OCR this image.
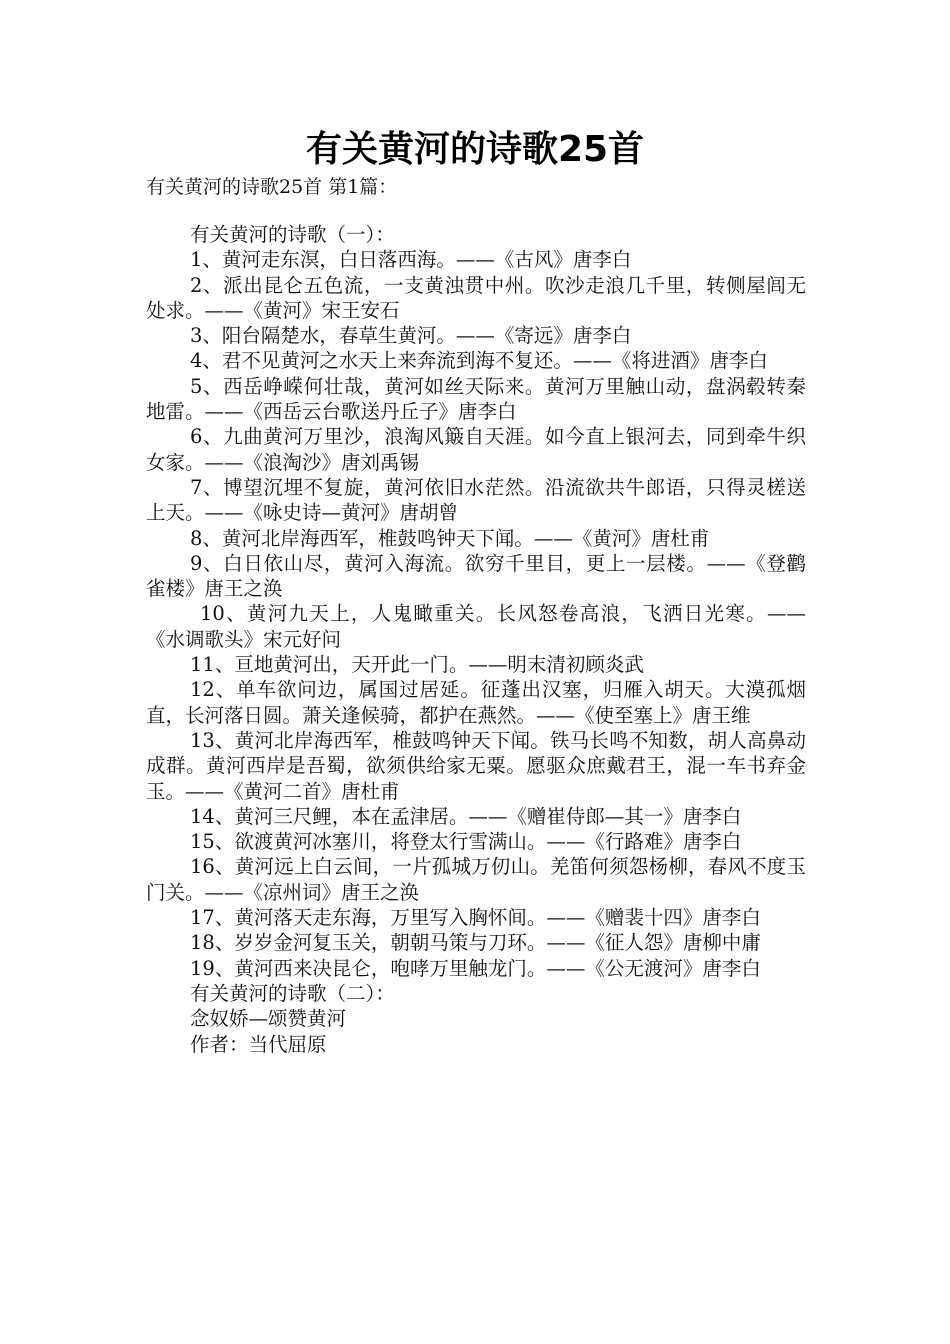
有关黄河的诗歌25首

有关黄河的诗歌25首 第1篇：

有关黄河的诗歌（一）：

1、黄河走东溟，白日落西海。——《古风》唐李白

2、派出昆仑五色流，一支黄浊贯中州。吹沙走浪几千里，转侧屋闾无处求。——《黄河》宋王安石

3、阳台隔楚水，春草生黄河。——《寄远》唐李白

4、君不见黄河之水天上来奔流到海不复还。——《将进酒》唐李白

5、西岳峥嵘何壮哉，黄河如丝天际来。黄河万里触山动，盘涡毂转秦地雷。——《西岳云台歌送丹丘子》唐李白

6、九曲黄河万里沙，浪淘风簸自天涯。如今直上银河去，同到牵牛织女家。——《浪淘沙》唐刘禹锡

7、博望沉埋不复旋，黄河依旧水茫然。沿流欲共牛郎语，只得灵槎送上天。——《咏史诗—黄河》唐胡曾

8、黄河北岸海西军，椎鼓鸣钟天下闻。——《黄河》唐杜甫

9、白日依山尽，黄河入海流。欲穷千里目，更上一层楼。——《登鹳雀楼》唐王之涣

10、黄河九天上，人鬼瞰重关。长风怒卷高浪，飞洒日光寒。——《水调歌头》宋元好问

11、亘地黄河出，天开此一门。——明末清初顾炎武

12、单车欲问边，属国过居延。征蓬出汉塞，归雁入胡天。大漠孤烟直，长河落日圆。萧关逢候骑，都护在燕然。——《使至塞上》唐王维

13、黄河北岸海西军，椎鼓鸣钟天下闻。铁马长鸣不知数，胡人高鼻动成群。黄河西岸是吾蜀，欲须供给家无粟。愿驱众庶戴君王，混一车书弃金玉。——《黄河二首》唐杜甫

14、黄河三尺鲤，本在孟津居。——《赠崔侍郎—其一》唐李白

15、欲渡黄河冰塞川，将登太行雪满山。——《行路难》唐李白

16、黄河远上白云间，一片孤城万仞山。羌笛何须怨杨柳，春风不度玉门关。——《凉州词》唐王之涣

17、黄河落天走东海，万里写入胸怀间。——《赠裴十四》唐李白

18、岁岁金河复玉关，朝朝马策与刀环。——《征人怨》唐柳中庸

19、黄河西来决昆仑，咆哮万里触龙门。——《公无渡河》唐李白

有关黄河的诗歌（二）：

念奴娇—颂赞黄河

作者：当代屈原
